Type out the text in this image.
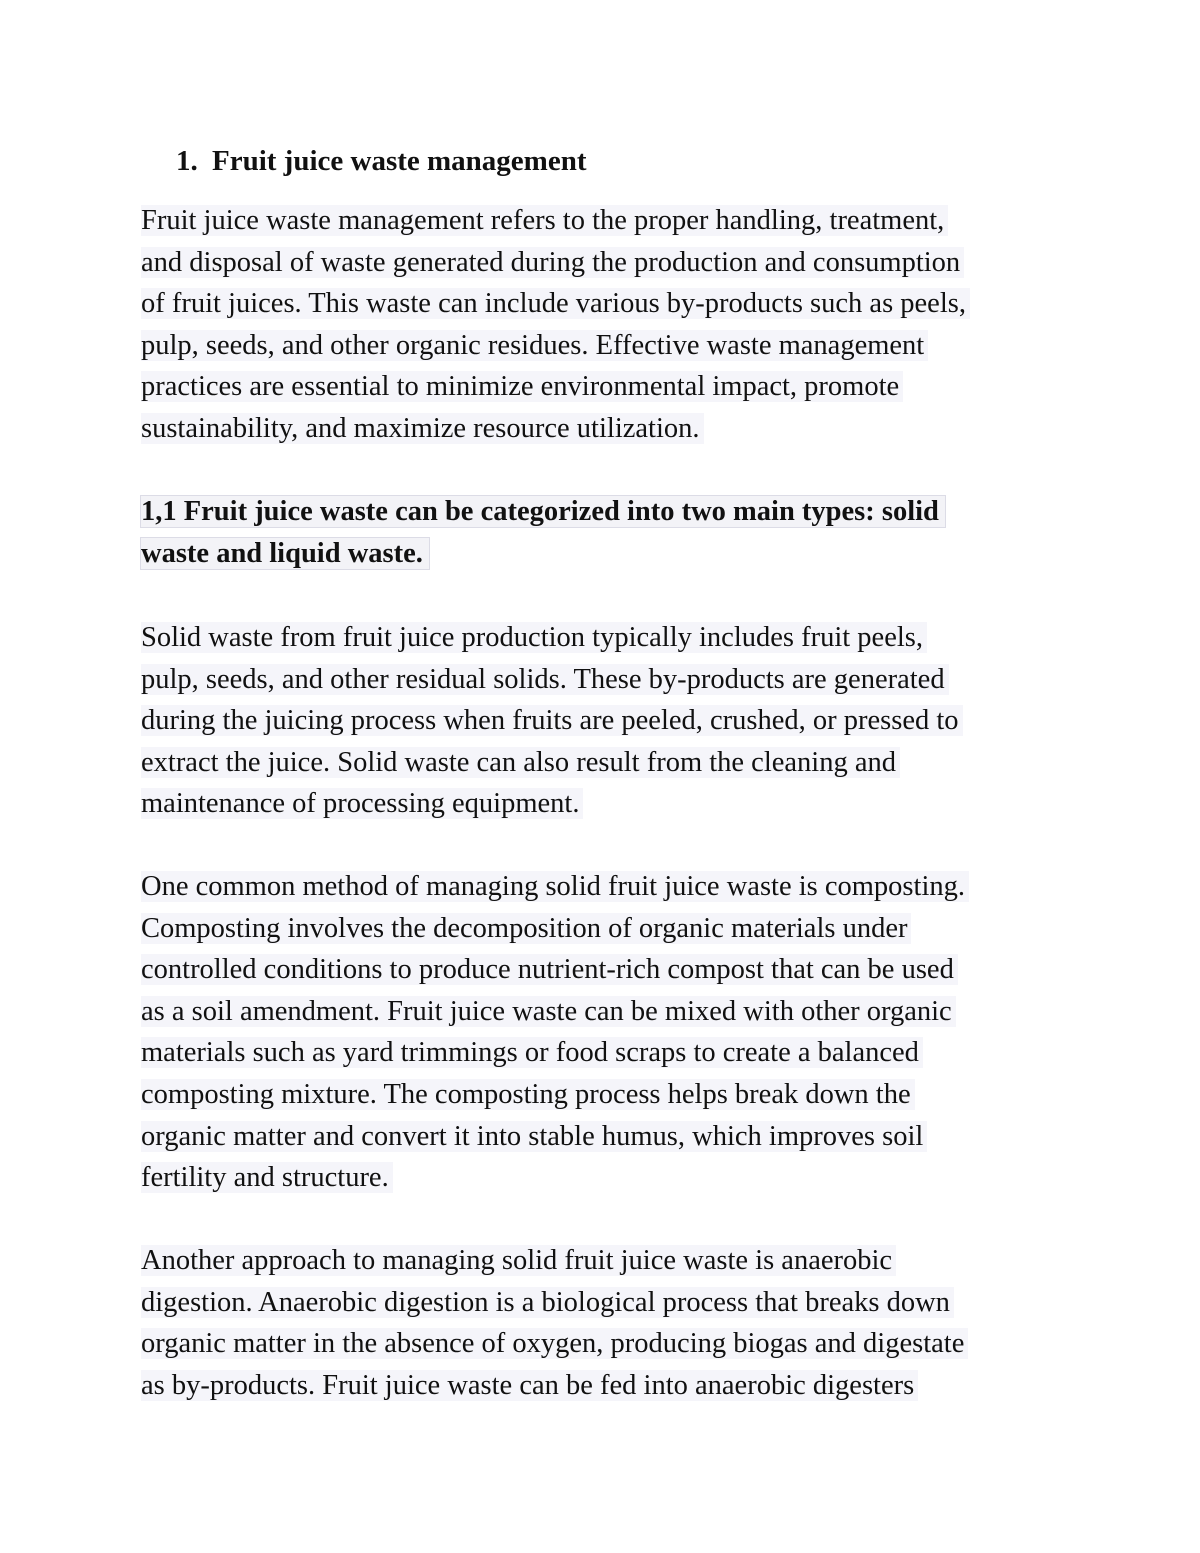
1. Fruit juice waste management
Fruit juice waste management refers to the proper handling, treatment,
and disposal of waste generated during the production and consumption
of fruit juices. This waste can include various by-products such as peels,
pulp, seeds, and other organic residues. Effective waste management
practices are essential to minimize environmental impact, promote
sustainability, and maximize resource utilization.
1,1 Fruit juice waste can be categorized into two main types: solid
waste and liquid waste.
Solid waste from fruit juice production typically includes fruit peels,
pulp, seeds, and other residual solids. These by-products are generated
during the juicing process when fruits are peeled, crushed, or pressed to
extract the juice. Solid waste can also result from the cleaning and
maintenance of processing equipment.
One common method of managing solid fruit juice waste is composting.
Composting involves the decomposition of organic materials under
controlled conditions to produce nutrient-rich compost that can be used
as a soil amendment. Fruit juice waste can be mixed with other organic
materials such as yard trimmings or food scraps to create a balanced
composting mixture. The composting process helps break down the
organic matter and convert it into stable humus, which improves soil
fertility and structure.
Another approach to managing solid fruit juice waste is anaerobic
digestion. Anaerobic digestion is a biological process that breaks down
organic matter in the absence of oxygen, producing biogas and digestate
as by-products. Fruit juice waste can be fed into anaerobic digesters
